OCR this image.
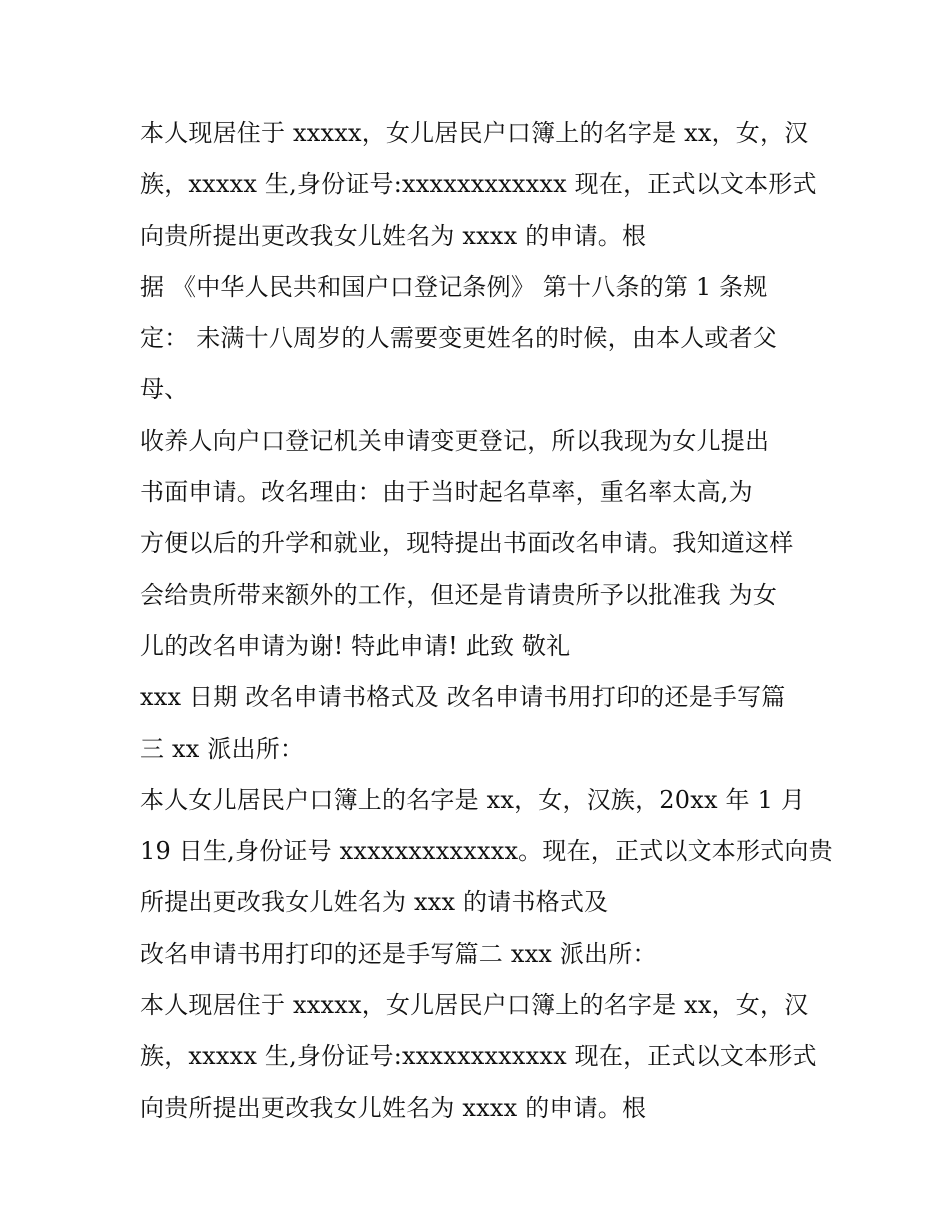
本人现居住于 xxxxx，女儿居民户口簿上的名字是 xx，女，汉
族，xxxxx 生,身份证号:xxxxxxxxxxxx 现在，正式以文本形式
向贵所提出更改我女儿姓名为 xxxx 的申请。根
据 《中华人民共和国户口登记条例》 第十八条的第 1 条规
定： 未满十八周岁的人需要变更姓名的时候，由本人或者父
母、
收养人向户口登记机关申请变更登记，所以我现为女儿提出
书面申请。改名理由：由于当时起名草率，重名率太高,为
方便以后的升学和就业，现特提出书面改名申请。我知道这样
会给贵所带来额外的工作，但还是肯请贵所予以批准我 为女
儿的改名申请为谢! 特此申请! 此致 敬礼
xxx 日期 改名申请书格式及 改名申请书用打印的还是手写篇
三 xx 派出所：
本人女儿居民户口簿上的名字是 xx，女，汉族，20xx 年 1 月
19 日生,身份证号 xxxxxxxxxxxxx。现在，正式以文本形式向贵
所提出更改我女儿姓名为 xxx 的请书格式及
改名申请书用打印的还是手写篇二 xxx 派出所：
本人现居住于 xxxxx，女儿居民户口簿上的名字是 xx，女，汉
族，xxxxx 生,身份证号:xxxxxxxxxxxx 现在，正式以文本形式
向贵所提出更改我女儿姓名为 xxxx 的申请。根
